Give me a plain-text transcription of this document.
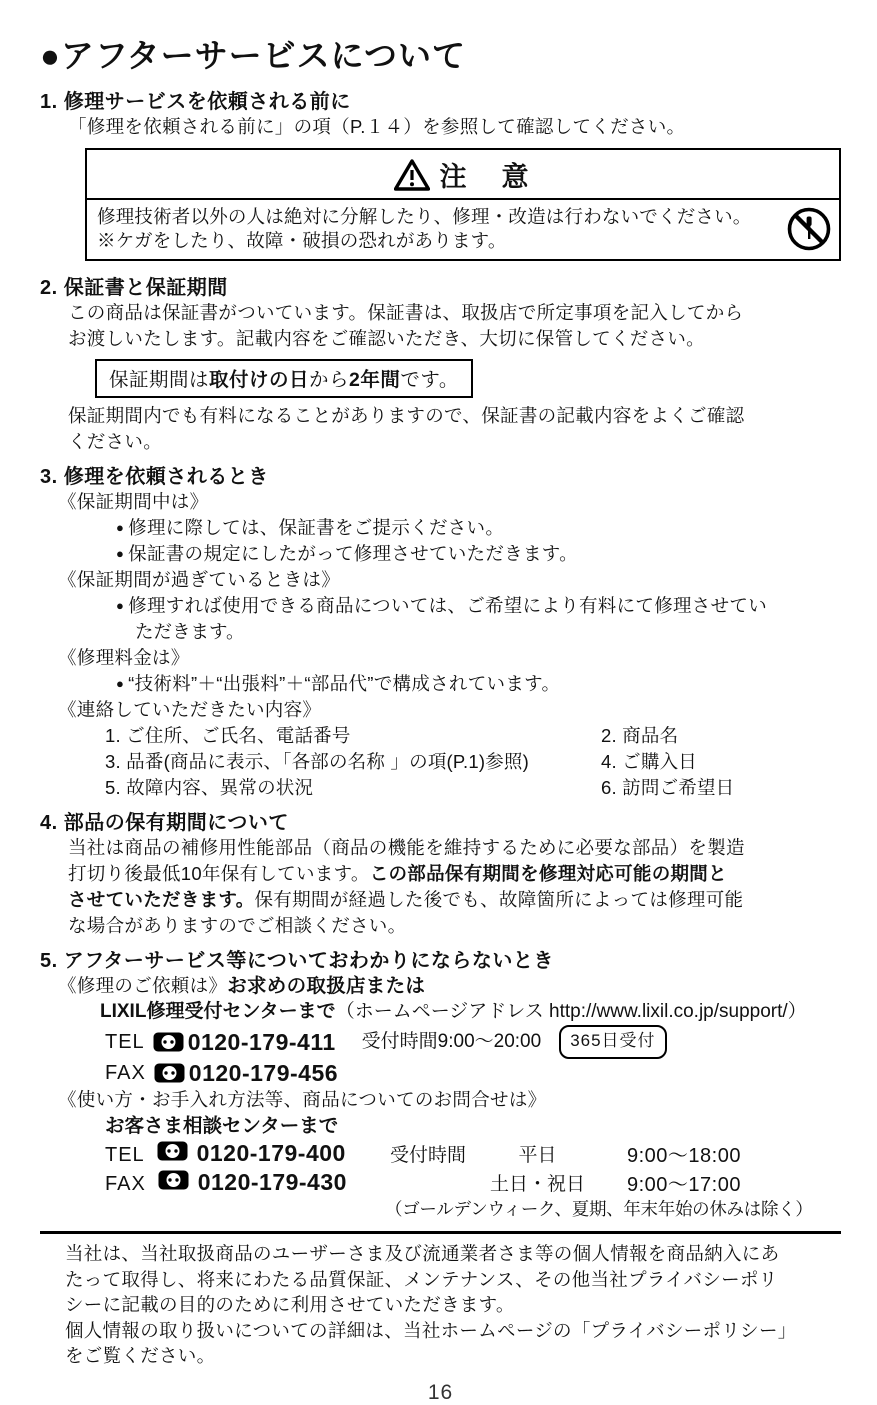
●アフターサービスについて
1. 修理サービスを依頼される前に
「修理を依頼される前に」の項（P.１４）を参照して確認してください。
注　意
修理技術者以外の人は絶対に分解したり、修理・改造は行わないでください。
※ケガをしたり、故障・破損の恐れがあります。
2. 保証書と保証期間
この商品は保証書がついています。保証書は、取扱店で所定事項を記入してから
お渡しいたします。記載内容をご確認いただき、大切に保管してください。
保証期間は取付けの日から2年間です。
保証期間内でも有料になることがありますので、保証書の記載内容をよくご確認
ください。
3. 修理を依頼されるとき
《保証期間中は》
● 修理に際しては、保証書をご提示ください。
● 保証書の規定にしたがって修理させていただきます。
《保証期間が過ぎているときは》
● 修理すれば使用できる商品については、ご希望により有料にて修理させてい
ただきます。
《修理料金は》
● “技術料”＋“出張料”＋“部品代”で構成されています。
《連絡していただきたい内容》
1. ご住所、ご氏名、電話番号	2. 商品名
3. 品番(商品に表示、「各部の名称 」の項(P.1)参照)	4. ご購入日
5. 故障内容、異常の状況	6. 訪問ご希望日
4. 部品の保有期間について
当社は商品の補修用性能部品（商品の機能を維持するために必要な部品）を製造
打切り後最低10年保有しています。この部品保有期間を修理対応可能の期間と
させていただきます。保有期間が経過した後でも、故障箇所によっては修理可能
な場合がありますのでご相談ください。
5. アフターサービス等についておわかりにならないとき
《修理のご依頼は》お求めの取扱店または
LIXIL修理受付センターまで（ホームページアドレス http://www.lixil.co.jp/support/）
TEL 0120-179-411 受付時間9:00～20:00	365日受付
FAX 0120-179-456
《使い方・お手入れ方法等、商品についてのお問合せは》
お客さま相談センターまで
TEL 0120-179-400	受付時間	平日	9:00～18:00
FAX 0120-179-430	土日・祝日	9:00～17:00
（ゴールデンウィーク、夏期、年末年始の休みは除く）
当社は、当社取扱商品のユーザーさま及び流通業者さま等の個人情報を商品納入にあ
たって取得し、将来にわたる品質保証、メンテナンス、その他当社プライバシーポリ
シーに記載の目的のために利用させていただきます。
個人情報の取り扱いについての詳細は、当社ホームページの「プライバシーポリシー」
をご覧ください。
16
